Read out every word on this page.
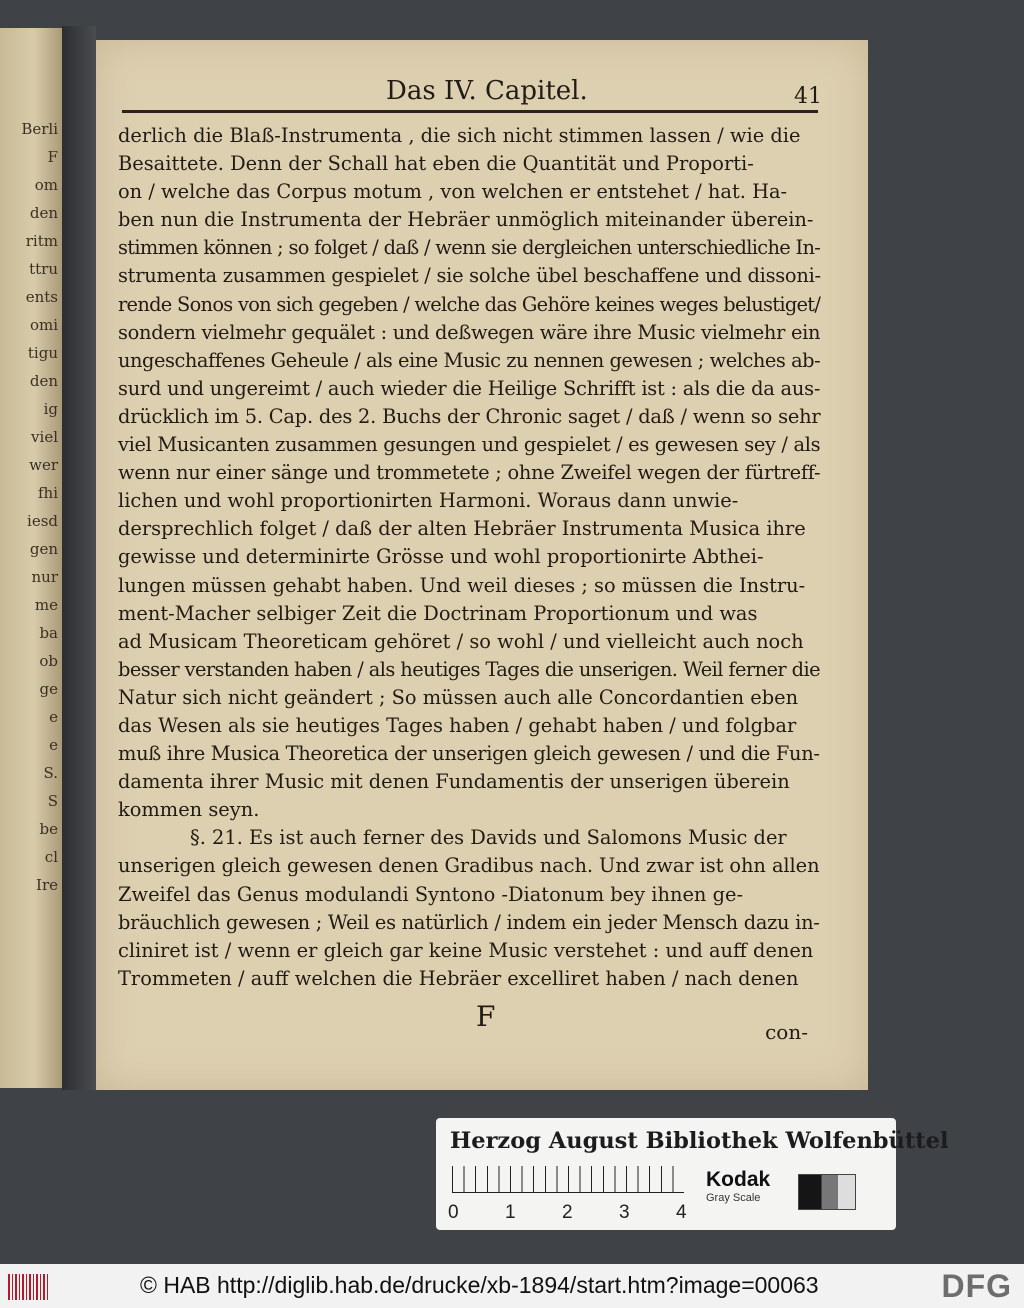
Berli
F
om
den
ritm
ttru
ents
omi
tigu
den
ig
viel
wer
fhi
iesd
gen
nur
me
ba
ob
ge
e
e
S.
S
be
cl
Ire
Das IV. Capitel.	41
derlich die Blaß-Instrumenta , die sich nicht stimmen lassen / wie die
Besaittete. Denn der Schall hat eben die Quantität und Proporti-
on / welche das Corpus motum , von welchen er entstehet / hat. Ha-
ben nun die Instrumenta der Hebräer unmöglich miteinander überein-
stimmen können ; so folget / daß / wenn sie dergleichen unterschiedliche In-
strumenta zusammen gespielet / sie solche übel beschaffene und dissoni-
rende Sonos von sich gegeben / welche das Gehöre keines weges belustiget/
sondern vielmehr gequälet : und deßwegen wäre ihre Music vielmehr ein
ungeschaffenes Geheule / als eine Music zu nennen gewesen ; welches ab-
surd und ungereimt / auch wieder die Heilige Schrifft ist : als die da aus-
drücklich im 5. Cap. des 2. Buchs der Chronic saget / daß / wenn so sehr
viel Musicanten zusammen gesungen und gespielet / es gewesen sey / als
wenn nur einer sänge und trommetete ; ohne Zweifel wegen der fürtreff-
lichen und wohl proportionirten Harmoni. Woraus dann unwie-
dersprechlich folget / daß der alten Hebräer Instrumenta Musica ihre
gewisse und determinirte Grösse und wohl proportionirte Abthei-
lungen müssen gehabt haben. Und weil dieses ; so müssen die Instru-
ment-Macher selbiger Zeit die Doctrinam Proportionum und was
ad Musicam Theoreticam gehöret / so wohl / und vielleicht auch noch
besser verstanden haben / als heutiges Tages die unserigen. Weil ferner die
Natur sich nicht geändert ; So müssen auch alle Concordantien eben
das Wesen als sie heutiges Tages haben / gehabt haben / und folgbar
muß ihre Musica Theoretica der unserigen gleich gewesen / und die Fun-
damenta ihrer Music mit denen Fundamentis der unserigen überein
kommen seyn.
§. 21. Es ist auch ferner des Davids und Salomons Music der
unserigen gleich gewesen denen Gradibus nach. Und zwar ist ohn allen
Zweifel das Genus modulandi Syntono -Diatonum bey ihnen ge-
bräuchlich gewesen ; Weil es natürlich / indem ein jeder Mensch dazu in-
cliniret ist / wenn er gleich gar keine Music verstehet : und auff denen
Trommeten / auff welchen die Hebräer excelliret haben / nach denen
F	con-
Herzog August Bibliothek Wolfenbüttel
0 1 2 3 4
Kodak
Gray Scale
© HAB http://diglib.hab.de/drucke/xb-1894/start.htm?image=00063	DFG
